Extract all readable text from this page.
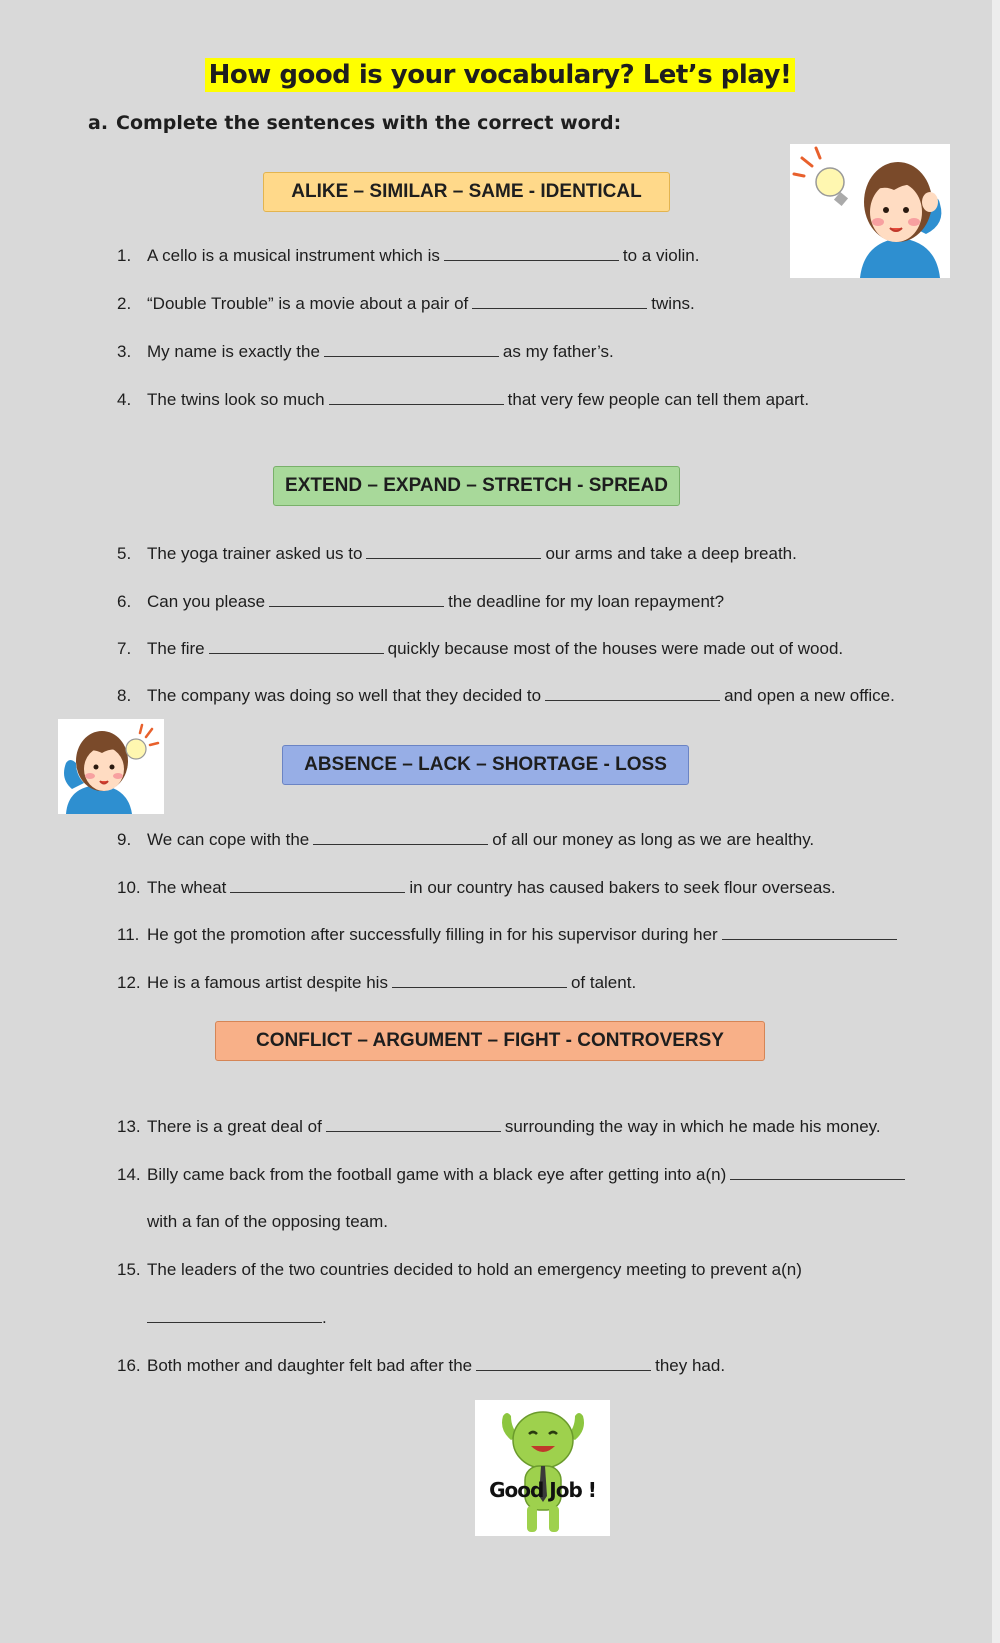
How good is your vocabulary? Let’s play!
a. Complete the sentences with the correct word:
ALIKE – SIMILAR – SAME - IDENTICAL
1. A cello is a musical instrument which is	to a violin.
2. “Double Trouble” is a movie about a pair of	twins.
3. My name is exactly the	as my father’s.
4. The twins look so much	that very few people can tell them apart.
EXTEND – EXPAND – STRETCH - SPREAD
5. The yoga trainer asked us to	our arms and take a deep breath.
6. Can you please	the deadline for my loan repayment?
7. The fire	quickly because most of the houses were made out of wood.
8. The company was doing so well that they decided to	and open a new office.
ABSENCE – LACK – SHORTAGE - LOSS
9. We can cope with the	of all our money as long as we are healthy.
10. The wheat	in our country has caused bakers to seek flour overseas.
11. He got the promotion after successfully filling in for his supervisor during her
12. He is a famous artist despite his	of talent.
CONFLICT – ARGUMENT – FIGHT - CONTROVERSY
13. There is a great deal of	surrounding the way in which he made his money.
14. Billy came back from the football game with a black eye after getting into a(n)
with a fan of the opposing team.
15. The leaders of the two countries decided to hold an emergency meeting to prevent a(n)
.
16. Both mother and daughter felt bad after the	they had.
Good Job !
